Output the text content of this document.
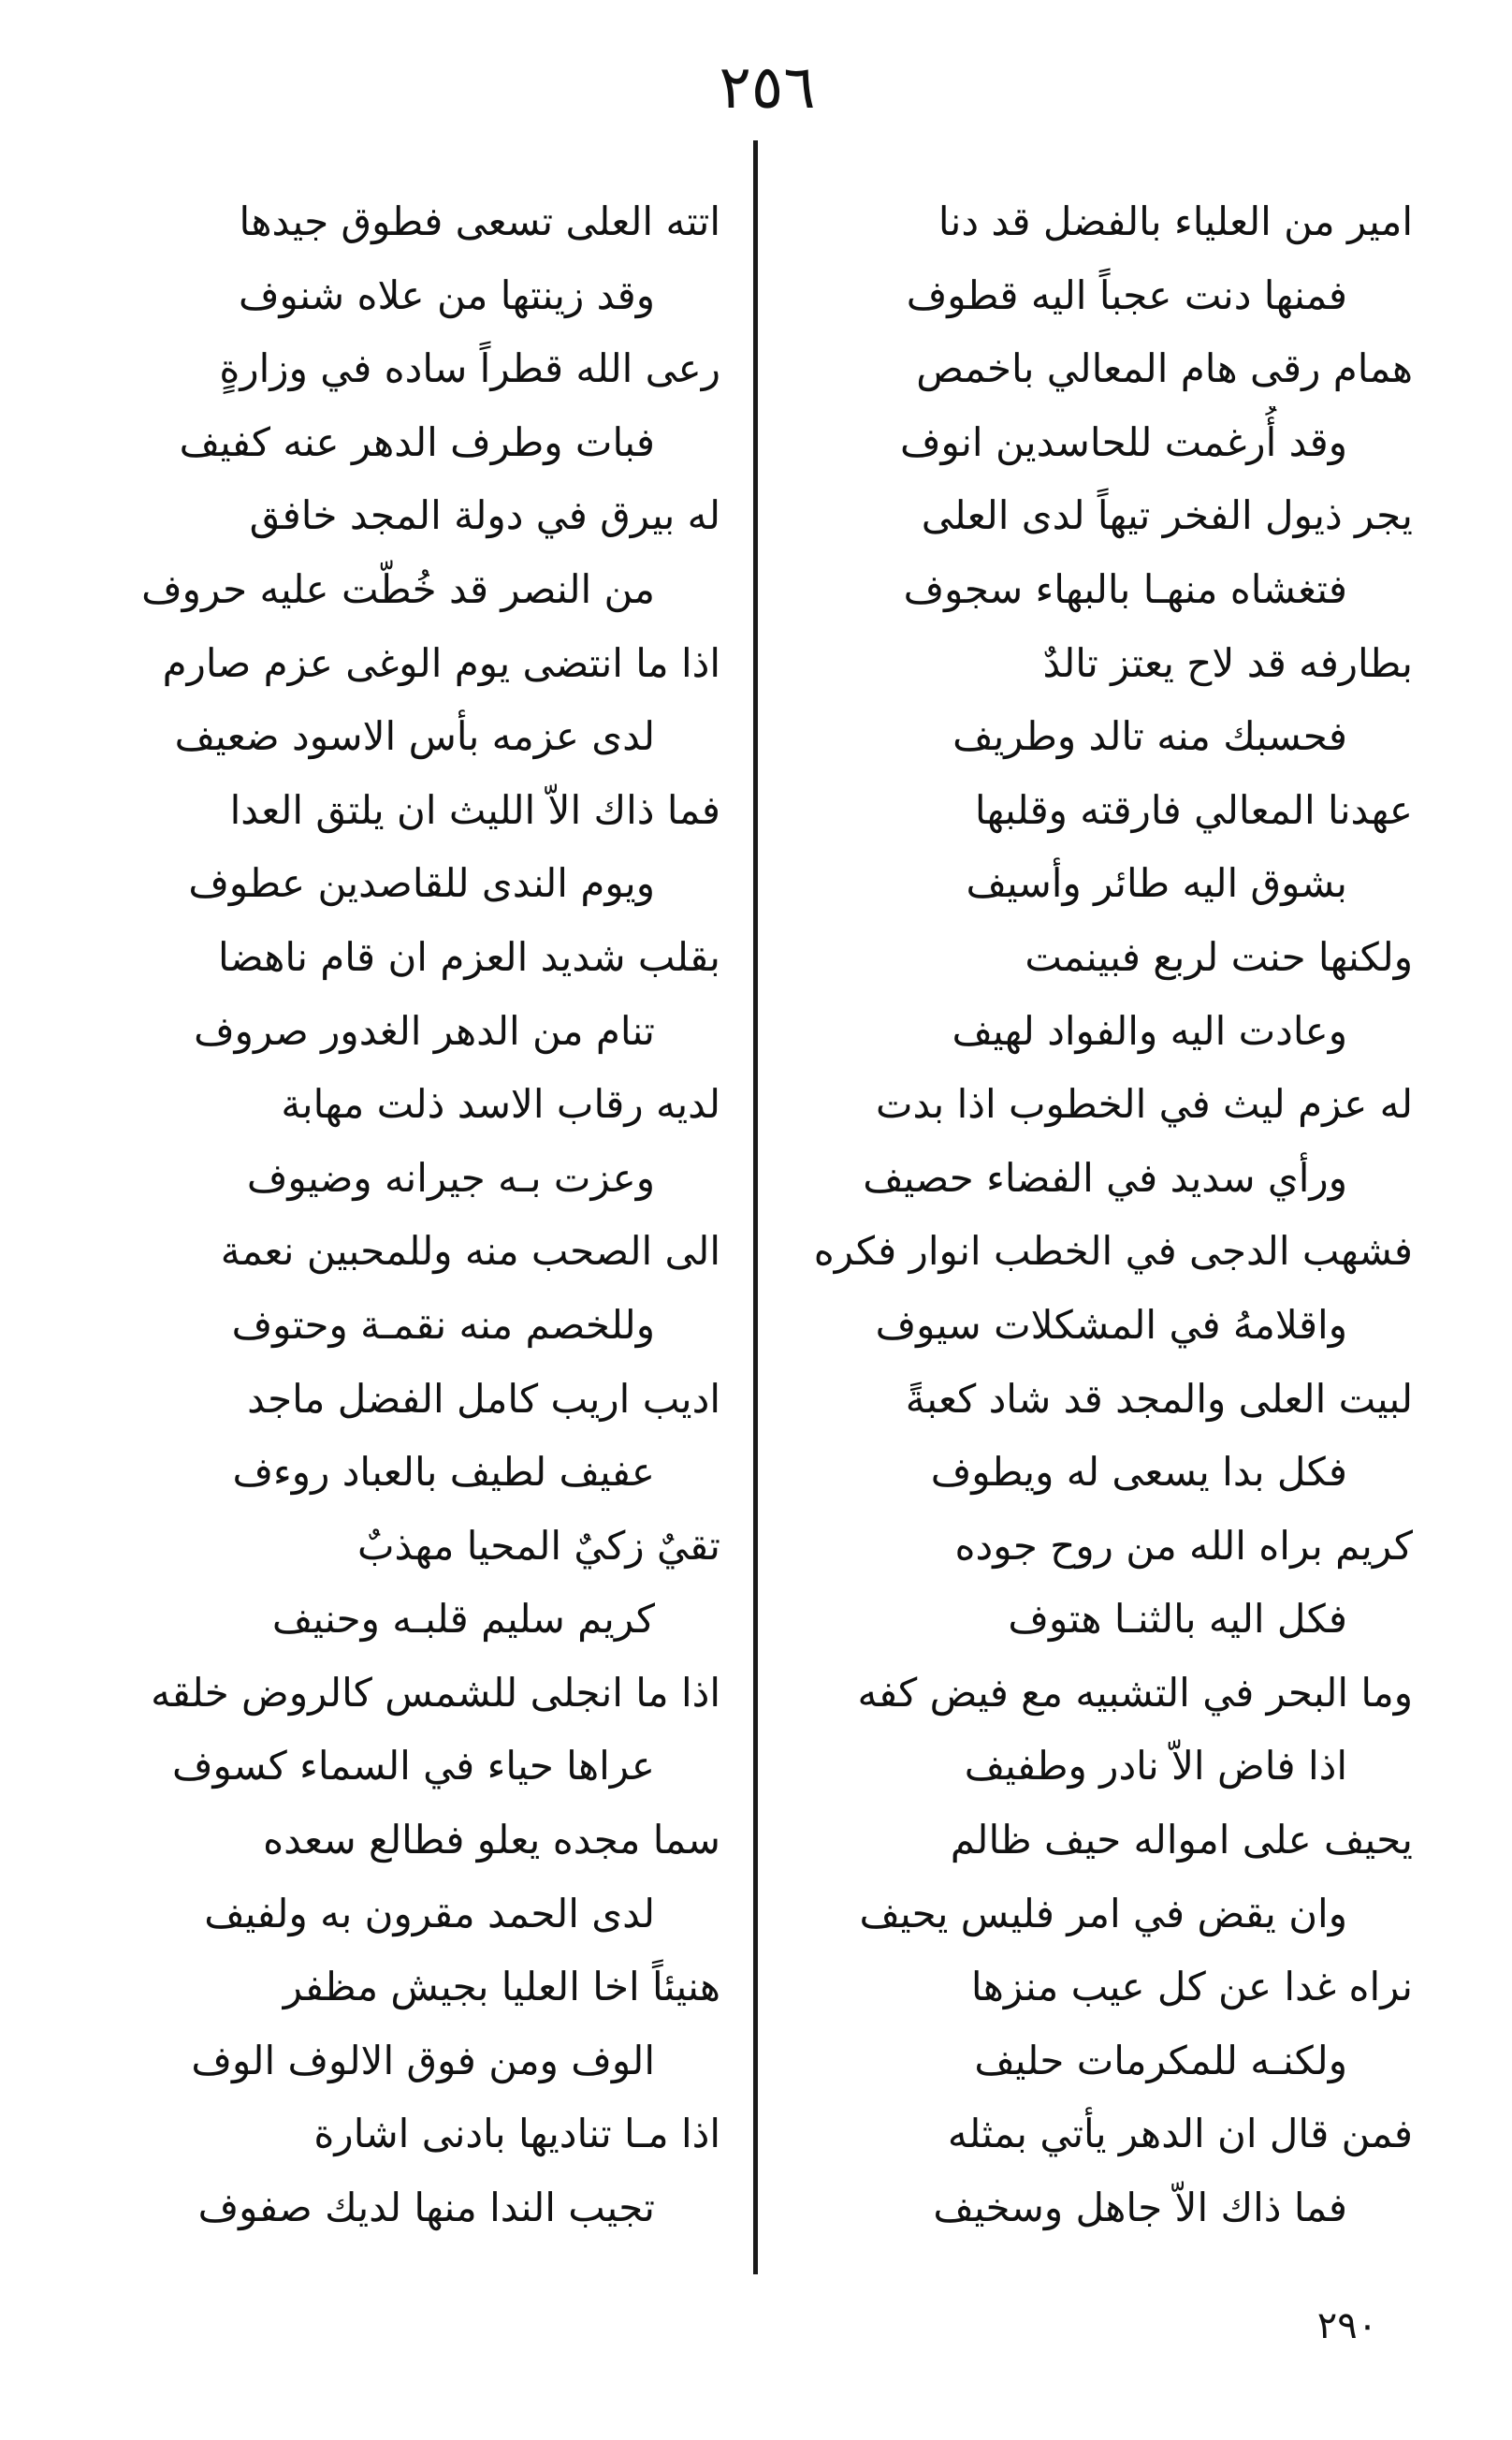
٢٥٦
امير من العلياء بالفضل قد دنا
فمنها دنت عجباً اليه قطوف
همام رقى هام المعالي باخمص
وقد أُرغمت للحاسدين انوف
يجر ذيول الفخر تيهاً لدى العلى
فتغشاه منهـا بالبهاء سجوف
بطارفه قد لاح يعتز تالدٌ
فحسبك منه تالد وطريف
عهدنا المعالي فارقته وقلبها
بشوق اليه طائر وأسيف
ولكنها حنت لربع فبينمت
وعادت اليه والفواد لهيف
له عزم ليث في الخطوب اذا بدت
ورأي سديد في الفضاء حصيف
فشهب الدجى في الخطب انوار فكره
واقلامهُ في المشكلات سيوف
لبيت العلى والمجد قد شاد كعبةً
فكل بدا يسعى له ويطوف
كريم براه الله من روح جوده
فكل اليه بالثنـا هتوف
وما البحر في التشبيه مع فيض كفه
اذا فاض الاّ نادر وطفيف
يحيف على امواله حيف ظالم
وان يقض في امر فليس يحيف
نراه غدا عن كل عيب منزها
ولكنـه للمكرمات حليف
فمن قال ان الدهر يأتي بمثله
فما ذاك الاّ جاهل وسخيف
اتته العلى تسعى فطوق جيدها
وقد زينتها من علاه شنوف
رعى الله قطراً ساده في وزارةٍ
فبات وطرف الدهر عنه كفيف
له بيرق في دولة المجد خافق
من النصر قد خُطّت عليه حروف
اذا ما انتضى يوم الوغى عزم صارم
لدى عزمه بأس الاسود ضعيف
فما ذاك الاّ الليث ان يلتق العدا
ويوم الندى للقاصدين عطوف
بقلب شديد العزم ان قام ناهضا
تنام من الدهر الغدور صروف
لديه رقاب الاسد ذلت مهابة
وعزت بـه جيرانه وضيوف
الى الصحب منه وللمحبين نعمة
وللخصم منه نقمـة وحتوف
اديب اريب كامل الفضل ماجد
عفيف لطيف بالعباد روءف
تقيٌ زكيٌ المحيا مهذبٌ
كريم سليم قلبـه وحنيف
اذا ما انجلى للشمس كالروض خلقه
عراها حياء في السماء كسوف
سما مجده يعلو فطالع سعده
لدى الحمد مقرون به ولفيف
هنيئاً اخا العليا بجيش مظفر
الوف ومن فوق الالوف الوف
اذا مـا تناديها بادنى اشارة
تجيب الندا منها لديك صفوف
٢٩٠
